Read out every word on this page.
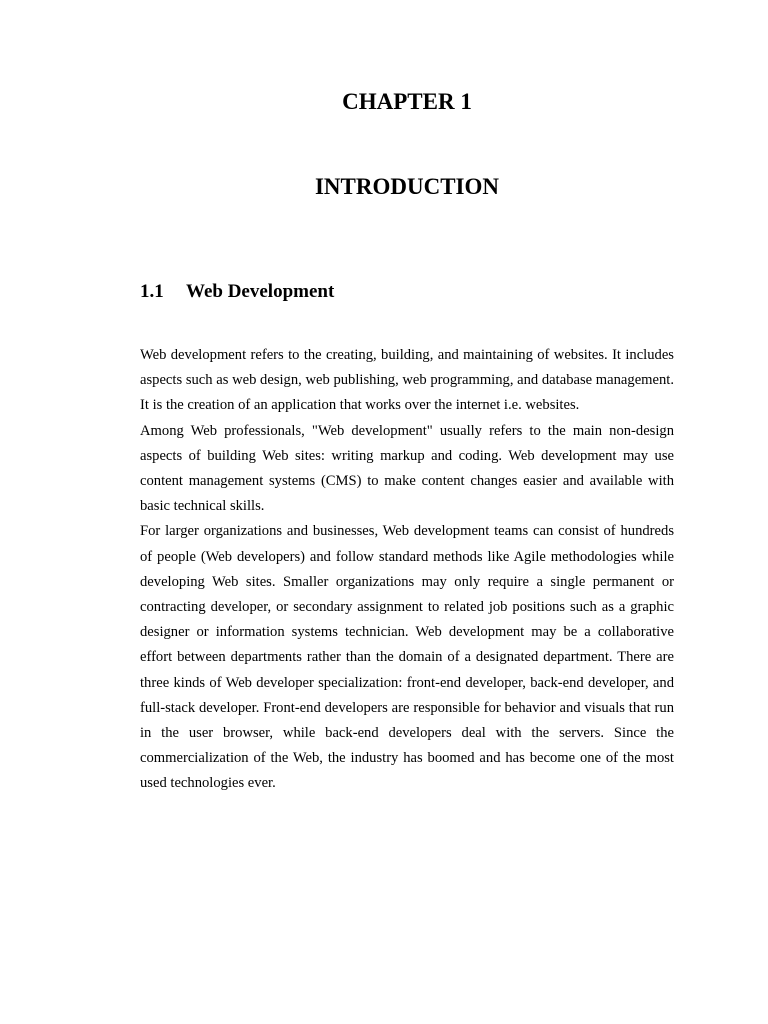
CHAPTER 1
INTRODUCTION
1.1 Web Development

Web development refers to the creating, building, and maintaining of websites. It includes aspects such as web design, web publishing, web programming, and database management. It is the creation of an application that works over the internet i.e. websites.

Among Web professionals, "Web development" usually refers to the main non-design aspects of building Web sites: writing markup and coding. Web development may use content management systems (CMS) to make content changes easier and available with basic technical skills.

For larger organizations and businesses, Web development teams can consist of hundreds of people (Web developers) and follow standard methods like Agile methodologies while developing Web sites. Smaller organizations may only require a single permanent or contracting developer, or secondary assignment to related job positions such as a graphic designer or information systems technician. Web development may be a collaborative effort between departments rather than the domain of a designated department. There are three kinds of Web developer specialization: front-end developer, back-end developer, and full-stack developer. Front-end developers are responsible for behavior and visuals that run in the user browser, while back-end developers deal with the servers. Since the commercialization of the Web, the industry has boomed and has become one of the most used technologies ever.
